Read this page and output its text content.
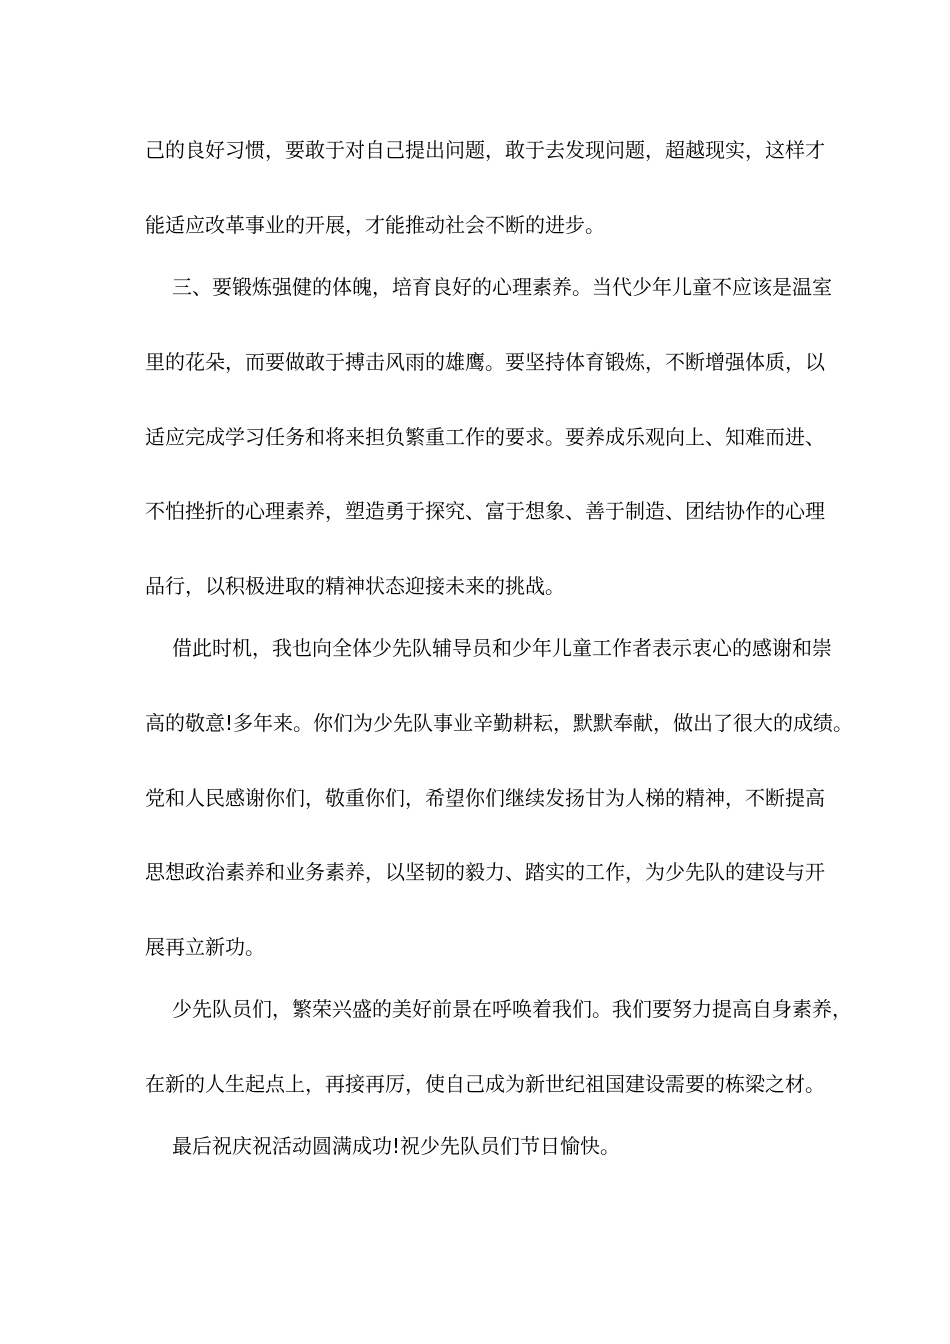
己的良好习惯，要敢于对自己提出问题，敢于去发现问题，超越现实，这样才
能适应改革事业的开展，才能推动社会不断的进步。
三、要锻炼强健的体魄，培育良好的心理素养。当代少年儿童不应该是温室
里的花朵，而要做敢于搏击风雨的雄鹰。要坚持体育锻炼，不断增强体质，以
适应完成学习任务和将来担负繁重工作的要求。要养成乐观向上、知难而进、
不怕挫折的心理素养，塑造勇于探究、富于想象、善于制造、团结协作的心理
品行，以积极进取的精神状态迎接未来的挑战。
借此时机，我也向全体少先队辅导员和少年儿童工作者表示衷心的感谢和崇
高的敬意!多年来。你们为少先队事业辛勤耕耘，默默奉献，做出了很大的成绩。
党和人民感谢你们，敬重你们，希望你们继续发扬甘为人梯的精神，不断提高
思想政治素养和业务素养，以坚韧的毅力、踏实的工作，为少先队的建设与开
展再立新功。
少先队员们，繁荣兴盛的美好前景在呼唤着我们。我们要努力提高自身素养，
在新的人生起点上，再接再厉，使自己成为新世纪祖国建设需要的栋梁之材。
最后祝庆祝活动圆满成功!祝少先队员们节日愉快。
